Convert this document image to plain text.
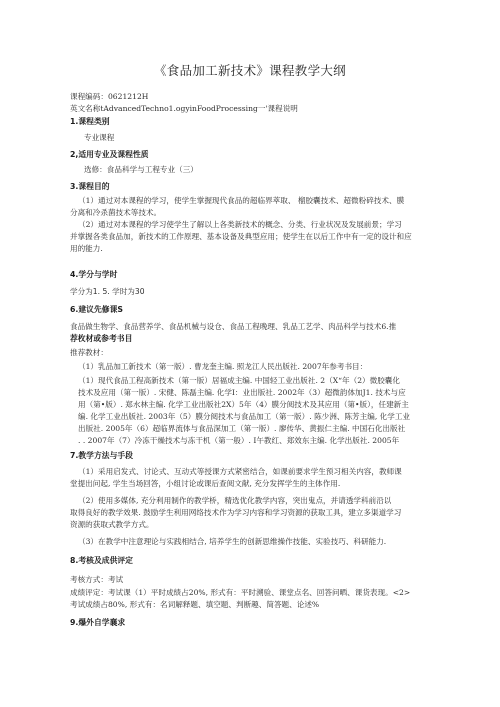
《食品加工新技术》课程教学大纲
课程编码：0621212H
英文名称tAdvancedTechno1.ogyinFoodProcessing一'课程说明
1.课程类别
专业课程
2,适用专业及课程性质
选修：食品科学与工程专业（三）
3.课程目的
（1）通过对本课程的学习，使学生掌握现代食品的超临界萃取、 榴胶囊技术、超微粉碎技术、膜
分离和冷杀菌技术等技术。
（2）通过对本课程的学习使学生了解以上各类新技术的概念、分类、行业状况及发展前景；学习
并掌握各类食品加，新技术的工作原理、基本设备及典型应用；使学生在以后工作中有一定的设计和应
用的能力.
4.学分与学时
学分为1. 5. 学时为30
6.建议先修课S
食品做生物学、食品营养学、食品机械与设仓、食品工程晚理、乳品工艺学、肉品科学与技术6.推
荐枚材或参考书目
推荐教材：
（1）乳品加工新技术（第一版）. 曹龙奎主编. 照龙江人民出版社. 2007年参考书目：
（1）现代食品工程高新技术（第一版）居福成主编. 中国轻工业出版社. 2（X“年（2）微胶囊化
技术及应用（第一版）. 宋健、陈磊主编. 化学I：业出版社. 2002年（3）超微韵体加J1. 技术与应
用（第•版）. 郑水林主编. 化学工业出版社2X）5年（4）膜分阅技术及其应用（第•版），任建新主
编. 化学工业出版社. 2003年（5）膜分阅技术与食品加工（第一版）. 陈少洲、陈芳主编, 化学工业
出版社. 2005年（6）超临界流体与食品深加工（第一版）. 廖传华、黄振仁主编. 中国石化出版社
. . 2007年（7）冷冻干燥技术与冻干机（第一般）. I午教红、郑效东主编. 化学出版社. 2005年
7.教学方法与手段
（1）采用启发式、讨论式、互动式等授课方式紧密结合，如课前要求学生预习相关内容，教师课
堂提出问起, 学生当场回答，小组讨论或课后查阅文献, 充分发挥学生的主体作用.
（2）使用多媒体, 充分利用制作的教学桥，精选优化教学内容，突出鬼点，并请透学科前沿以
取得良好的教学效果. 鼓励学生利用网络技术作为学习内容和学习资源的获取工具，建立多渠道学习
资源的获取式教学方式。
（3）在教学中注意理论与实践相结合, 培养学生的创新思维操作技能、实验技巧、科研能力.
8.考核及成供评定
考核方式：考试
成绩评定：考试课（1）平时成绩占20%, 形式有：平时溯验、课堂点名、回答问晒、课货表现。<2>
考试成绩占80%, 形式有：名词解释题、填空题、判断趣、简答题、论述%
9.爆外自学襄求
